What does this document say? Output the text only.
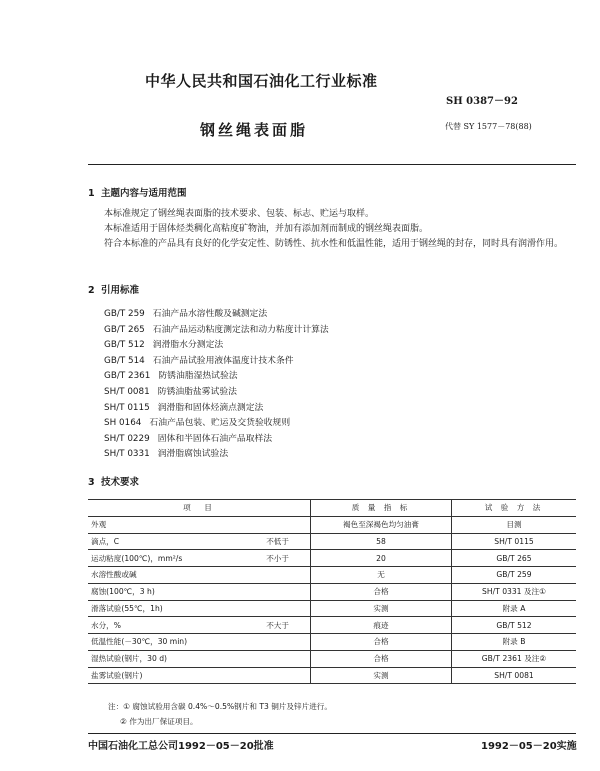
中华人民共和国石油化工行业标准
SH 0387－92
钢丝绳表面脂	代替 SY 1577－78(88)
1 主题内容与适用范围
本标准规定了钢丝绳表面脂的技术要求、包装、标志、贮运与取样。
本标准适用于固体烃类稠化高粘度矿物油，并加有添加剂而制成的钢丝绳表面脂。
符合本标准的产品具有良好的化学安定性、防锈性、抗水性和低温性能，适用于钢丝绳的封存，同时具有润滑作用。
2 引用标准
GB/T 259 石油产品水溶性酸及碱测定法
GB/T 265 石油产品运动粘度测定法和动力粘度计计算法
GB/T 512 润滑脂水分测定法
GB/T 514 石油产品试验用液体温度计技术条件
GB/T 2361 防锈油脂湿热试验法
SH/T 0081 防锈油脂盐雾试验法
SH/T 0115 润滑脂和固体烃滴点测定法
SH 0164 石油产品包装、贮运及交货验收规则
SH/T 0229 固体和半固体石油产品取样法
SH/T 0331 润滑脂腐蚀试验法
3 技术要求
项　目	质 量 指 标	试 验 方 法

外观	褐色至深褐色均匀油膏	目测

滴点，C 不低于	58	SH/T 0115

运动粘度(100℃)，mm²/s 不小于	20	GB/T 265

水溶性酸或碱	无	GB/T 259

腐蚀(100℃，3 h)	合格	SH/T 0331 及注①

滑落试验(55℃，1h)	实测	附录 A

水分，% 不大于	痕迹	GB/T 512

低温性能(－30℃，30 min)	合格	附录 B

湿热试验(钢片，30 d)	合格	GB/T 2361 及注②

盐雾试验(钢片)	实测	SH/T 0081
注：① 腐蚀试验用含碳 0.4%～0.5%钢片和 T3 铜片及锌片进行。
中国石油化工总公司1992－05－20批准	1992－05－20实施
② 作为出厂保证项目。
